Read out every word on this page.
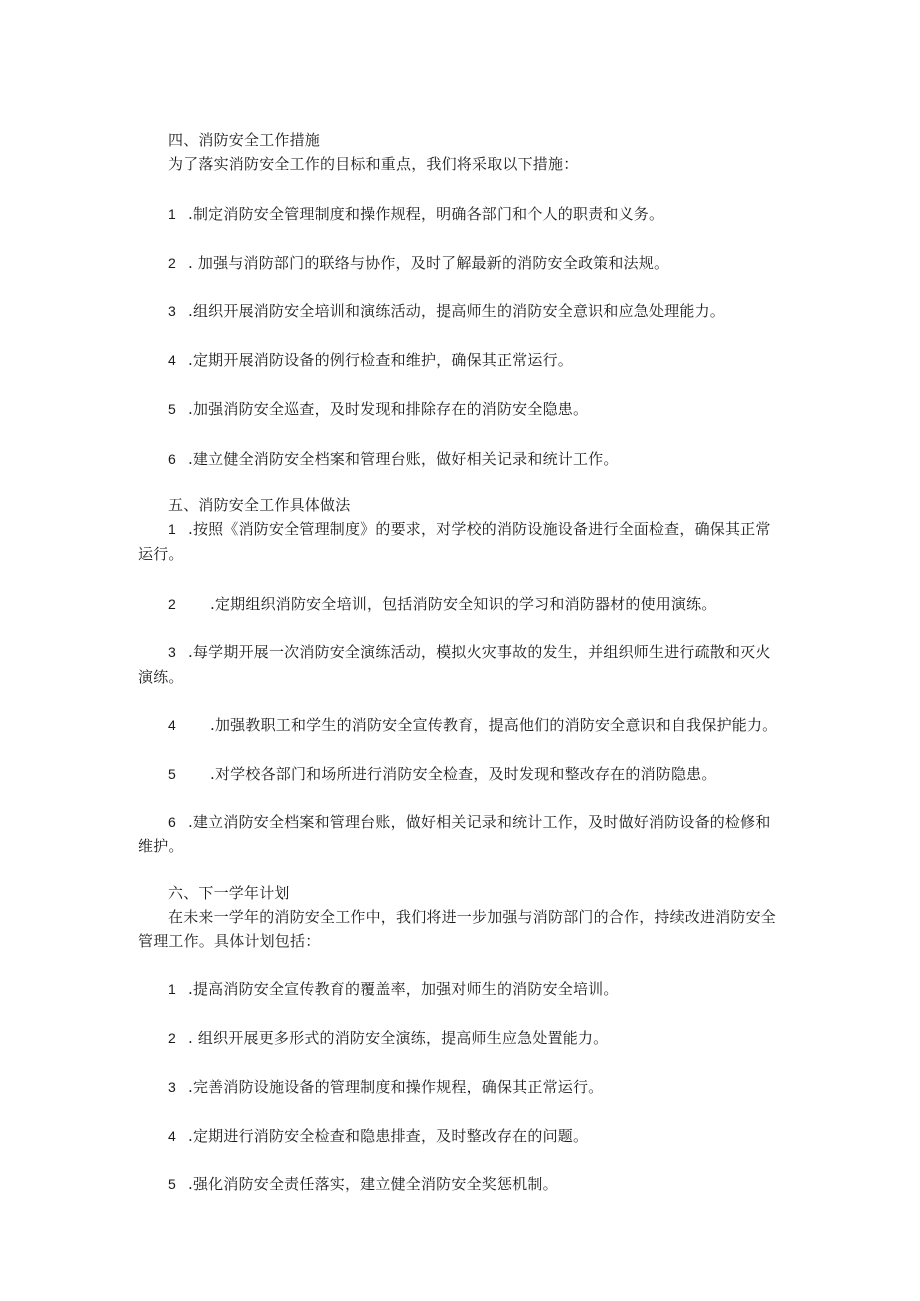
四、消防安全工作措施
为了落实消防安全工作的目标和重点，我们将采取以下措施：
1 .制定消防安全管理制度和操作规程，明确各部门和个人的职责和义务。
2 . 加强与消防部门的联络与协作，及时了解最新的消防安全政策和法规。
3 .组织开展消防安全培训和演练活动，提高师生的消防安全意识和应急处理能力。
4 .定期开展消防设备的例行检查和维护，确保其正常运行。
5 .加强消防安全巡查，及时发现和排除存在的消防安全隐患。
6 .建立健全消防安全档案和管理台账，做好相关记录和统计工作。
五、消防安全工作具体做法
1 .按照《消防安全管理制度》的要求，对学校的消防设施设备进行全面检查，确保其正常
运行。
2 .定期组织消防安全培训，包括消防安全知识的学习和消防器材的使用演练。
3 .每学期开展一次消防安全演练活动，模拟火灾事故的发生，并组织师生进行疏散和灭火
演练。
4 .加强教职工和学生的消防安全宣传教育，提高他们的消防安全意识和自我保护能力。
5 .对学校各部门和场所进行消防安全检查，及时发现和整改存在的消防隐患。
6 .建立消防安全档案和管理台账，做好相关记录和统计工作，及时做好消防设备的检修和
维护。
六、下一学年计划
在未来一学年的消防安全工作中，我们将进一步加强与消防部门的合作，持续改进消防安全
管理工作。具体计划包括：
1 .提高消防安全宣传教育的覆盖率，加强对师生的消防安全培训。
2 . 组织开展更多形式的消防安全演练，提高师生应急处置能力。
3 .完善消防设施设备的管理制度和操作规程，确保其正常运行。
4 .定期进行消防安全检查和隐患排查，及时整改存在的问题。
5 .强化消防安全责任落实，建立健全消防安全奖惩机制。
